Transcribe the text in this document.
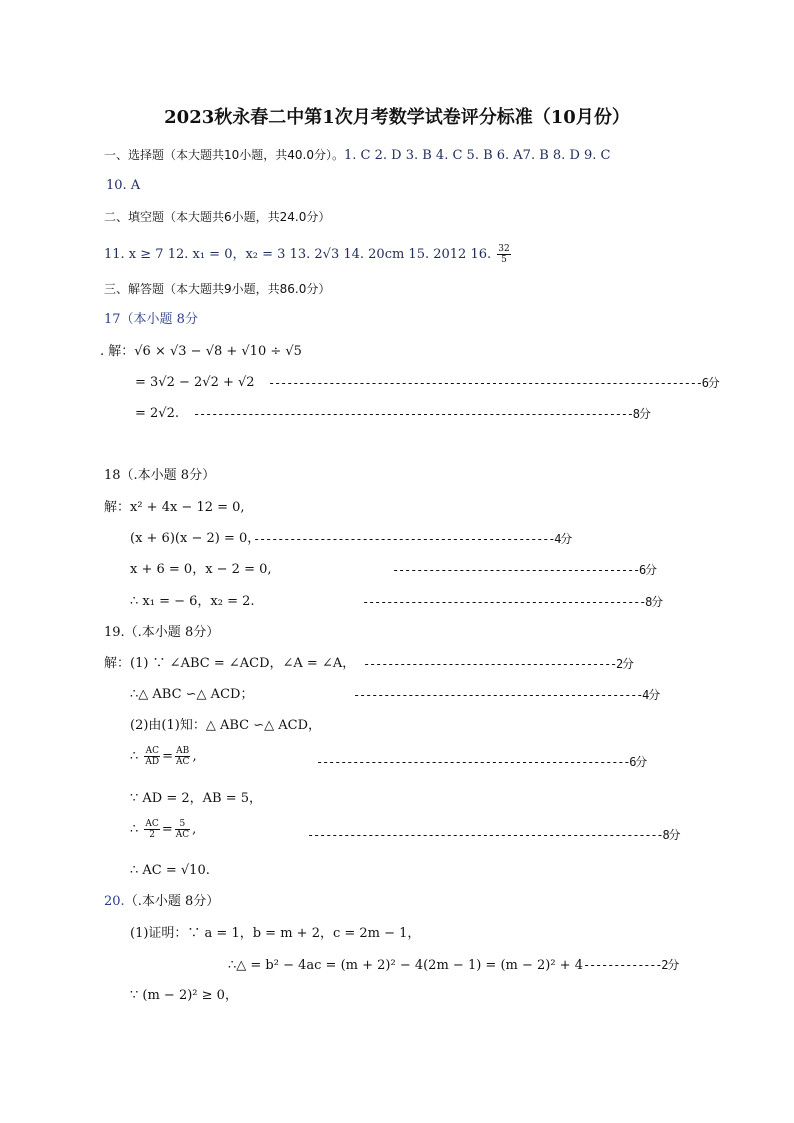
2023秋永春二中第1次月考数学试卷评分标准（10月份）
一、选择题（本大题共10小题，共40.0分）。1. C 2. D 3. B 4. C 5. B 6. A7. B 8. D 9. C
10. A
二、填空题（本大题共6小题，共24.0分）
11. x ≥ 7 12. x₁ = 0，x₂ = 3 13. 2√3 14. 20cm 15. 2012 16. $\frac{32}{5}$
三、解答题（本大题共9小题，共86.0分）
17（本小题 8分
. 解：√6 × √3 − √8 + √10 ÷ √5
= 3√2 − 2√2 + √2 ------------------------------------------------------------------------6分
= 2√2. -------------------------------------------------------------------------8分
18（.本小题 8分）
解：x² + 4x − 12 = 0,
(x + 6)(x − 2) = 0，
--------------------------------------------------4分
x + 6 = 0，x − 2 = 0,	-----------------------------------------6分
∴ x₁ = − 6，x₂ = 2.	-----------------------------------------------8分
19.（.本小题 8分）
解：(1) ∵ ∠ABC = ∠ACD，∠A = ∠A， ------------------------------------------2分
∴△ ABC ∽△ ACD；	------------------------------------------------4分
(2)由(1)知：△ ABC ∽△ ACD，
∴ $\frac{AC}{AD} = \frac{AB}{AC}$ ,	----------------------------------------------------6分
∵ AD = 2，AB = 5，
∴ $\frac{AC}{2} = \frac{5}{AC}$ ,	-----------------------------------------------------------8分
∴ AC = √10.
20.（.本小题 8分）
(1)证明：∵ a = 1，b = m + 2，c = 2m − 1，
∴△ = b² − 4ac = (m + 2)² − 4(2m − 1) = (m − 2)² + 4-------------2分
∵ (m − 2)² ≥ 0，
